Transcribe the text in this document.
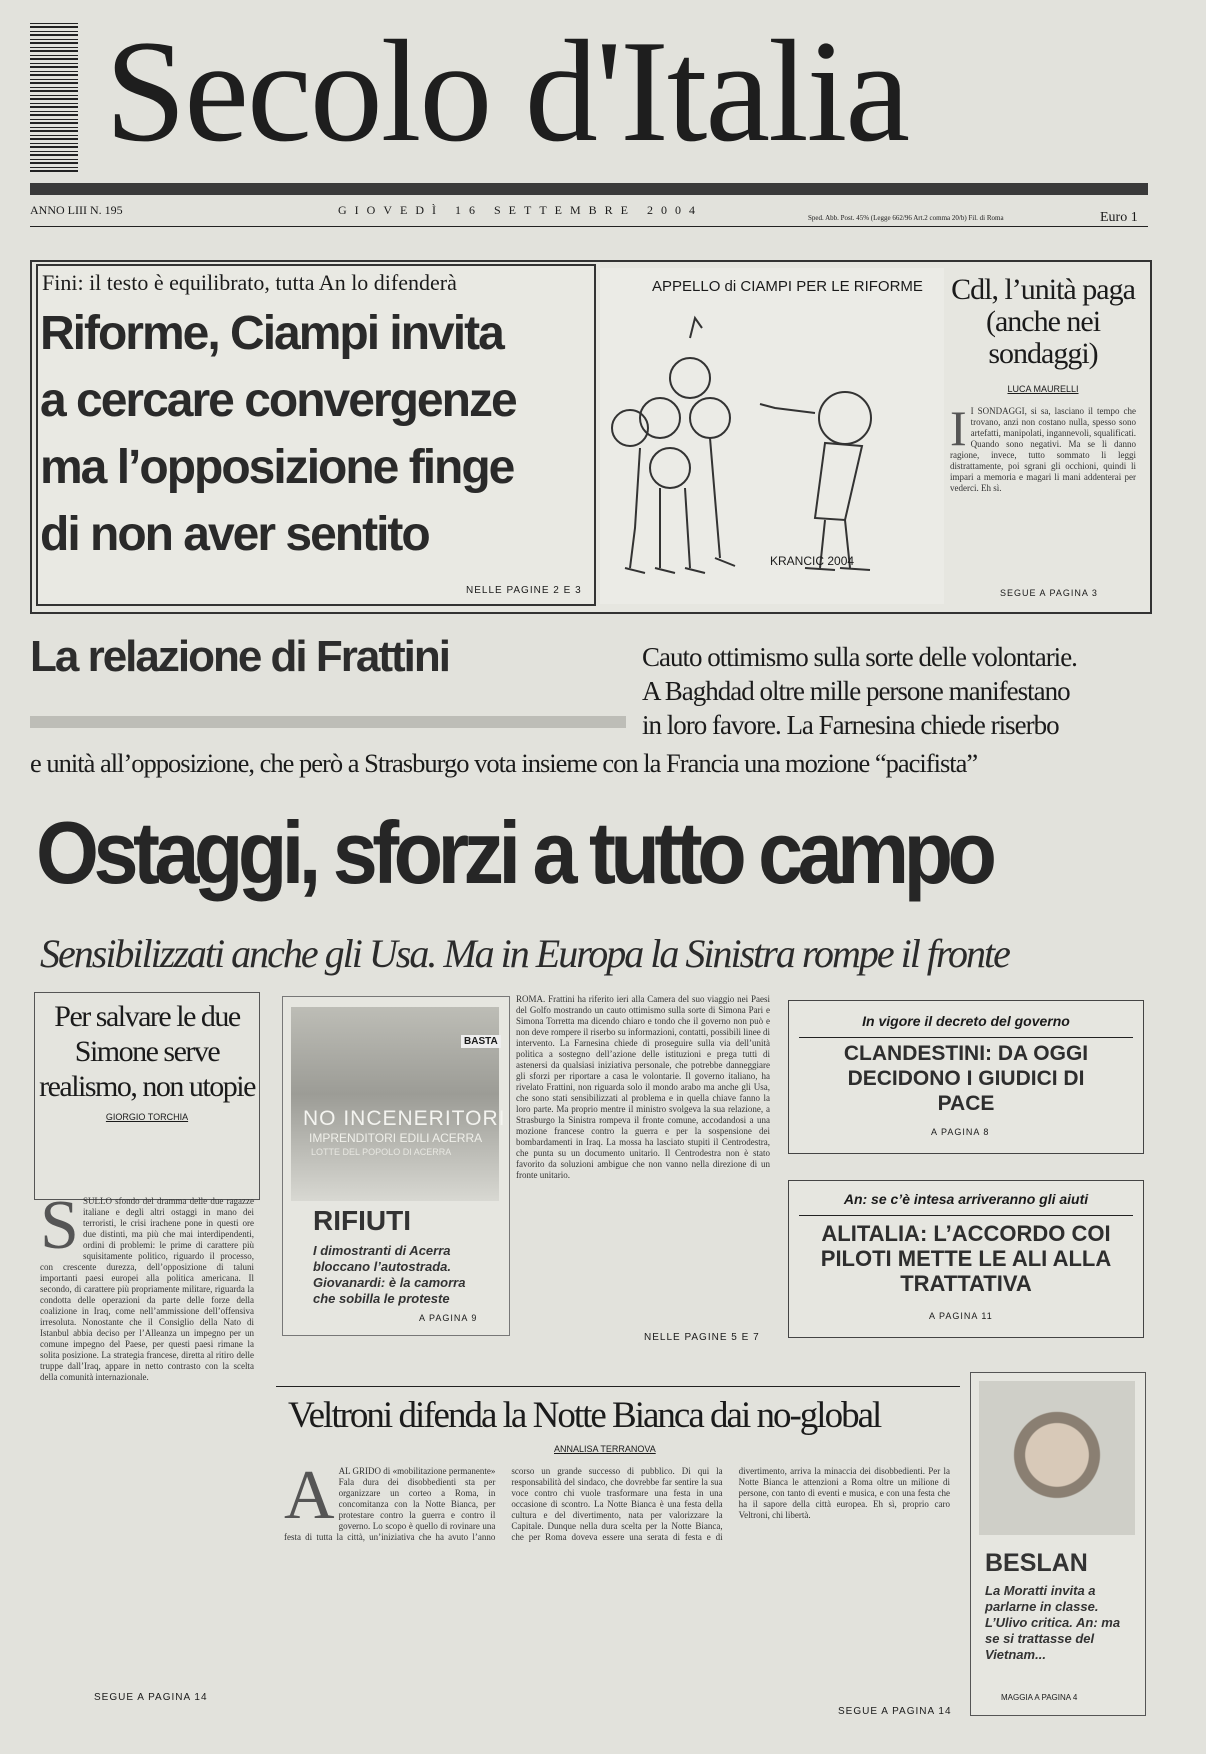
Secolo d'Italia
ANNO LIII N. 195	GIOVEDÌ 16 SETTEMBRE 2004
Sped. Abb. Post. 45% (Legge 662/96 Art.2 comma 20/b) Fil. di Roma	Euro 1
Fini: il testo è equilibrato, tutta An lo difenderà
Riforme, Ciampi invita
a cercare convergenze
ma l’opposizione finge
di non aver sentito
NELLE PAGINE 2 E 3
APPELLO di CIAMPI PER LE RIFORME
KRANCIC 2004
Cdl, l’unità paga (anche nei sondaggi)
LUCA MAURELLI
I I SONDAGGI, si sa, lasciano il tempo che trovano, anzi non costano nulla, spesso sono artefatti, manipolati, ingannevoli, squalificati. Quando sono negativi. Ma se li danno ragione, invece, tutto sommato li leggi distrattamente, poi sgrani gli occhioni, quindi li impari a memoria e magari li mani addenterai per vederci. Eh sì.
SEGUE A PAGINA 3
La relazione di Frattini	Cauto ottimismo sulla sorte delle volontarie.
A Baghdad oltre mille persone manifestano
in loro favore. La Farnesina chiede riserbo
e unità all’opposizione, che però a Strasburgo vota insieme con la Francia una mozione “pacifista”
Ostaggi, sforzi a tutto campo
Sensibilizzati anche gli Usa. Ma in Europa la Sinistra rompe il fronte
Per salvare le due Simone serve realismo, non utopie
GIORGIO TORCHIA
SSULLO sfondo del dramma delle due ragazze italiane e degli altri ostaggi in mano dei terroristi, le crisi irachene pone in questi ore due distinti, ma più che mai interdipendenti, ordini di problemi: le prime di carattere più squisitamente politico, riguardo il processo, con crescente durezza, dell’opposizione di taluni importanti paesi europei alla politica americana. Il secondo, di carattere più propriamente militare, riguarda la condotta delle operazioni da parte delle forze della coalizione in Iraq, come nell’ammissione dell’offensiva irresoluta. Nonostante che il Consiglio della Nato di Istanbul abbia deciso per l’Alleanza un impegno per un comune impegno del Paese, per questi paesi rimane la solita posizione. La strategia francese, diretta al ritiro delle truppe dall’Iraq, appare in netto contrasto con la scelta della comunità internazionale.
SEGUE A PAGINA 14
BASTA
NO INCENERITORI
IMPRENDITORI EDILI ACERRA
LOTTE DEL POPOLO DI ACERRA
RIFIUTI
I dimostranti di Acerra bloccano l’autostrada. Giovanardi: è la camorra che sobilla le proteste
A PAGINA 9
ROMA. Frattini ha riferito ieri alla Camera del suo viaggio nei Paesi del Golfo mostrando un cauto ottimismo sulla sorte di Simona Pari e Simona Torretta ma dicendo chiaro e tondo che il governo non può e non deve rompere il riserbo su informazioni, contatti, possibili linee di intervento. La Farnesina chiede di proseguire sulla via dell’unità politica a sostegno dell’azione delle istituzioni e prega tutti di astenersi da qualsiasi iniziativa personale, che potrebbe danneggiare gli sforzi per riportare a casa le volontarie. Il governo italiano, ha rivelato Frattini, non riguarda solo il mondo arabo ma anche gli Usa, che sono stati sensibilizzati al problema e in quella chiave fanno la loro parte. Ma proprio mentre il ministro svolgeva la sua relazione, a Strasburgo la Sinistra rompeva il fronte comune, accodandosi a una mozione francese contro la guerra e per la sospensione dei bombardamenti in Iraq. La mossa ha lasciato stupiti il Centrodestra, che punta su un documento unitario. Il Centrodestra non è stato favorito da soluzioni ambigue che non vanno nella direzione di un fronte unitario.
NELLE PAGINE 5 E 7
In vigore il decreto del governo
CLANDESTINI: DA OGGI DECIDONO I GIUDICI DI PACE
A PAGINA 8
An: se c’è intesa arriveranno gli aiuti
ALITALIA: L’ACCORDO COI PILOTI METTE LE ALI ALLA TRATTATIVA
A PAGINA 11
Veltroni difenda la Notte Bianca dai no-global
ANNALISA TERRANOVA
AAL GRIDO di «mobilitazione permanente» Fala dura dei disobbedienti sta per organizzare un corteo a Roma, in concomitanza con la Notte Bianca, per protestare contro la guerra e contro il governo. Lo scopo è quello di rovinare una festa di tutta la città, un’iniziativa che ha avuto l’anno scorso un grande successo di pubblico. Di qui la responsabilità del sindaco, che dovrebbe far sentire la sua voce contro chi vuole trasformare una festa in una occasione di scontro. La Notte Bianca è una festa della cultura e del divertimento, nata per valorizzare la Capitale. Dunque nella dura scelta per la Notte Bianca, che per Roma doveva essere una serata di festa e di divertimento, arriva la minaccia dei disobbedienti. Per la Notte Bianca le attenzioni a Roma oltre un milione di persone, con tanto di eventi e musica, e con una festa che ha il sapore della città europea. Eh sì, proprio caro Veltroni, chi libertà.
SEGUE A PAGINA 14
BESLAN
La Moratti invita a parlarne in classe. L’Ulivo critica. An: ma se si trattasse del Vietnam...
MAGGIA A PAGINA 4
